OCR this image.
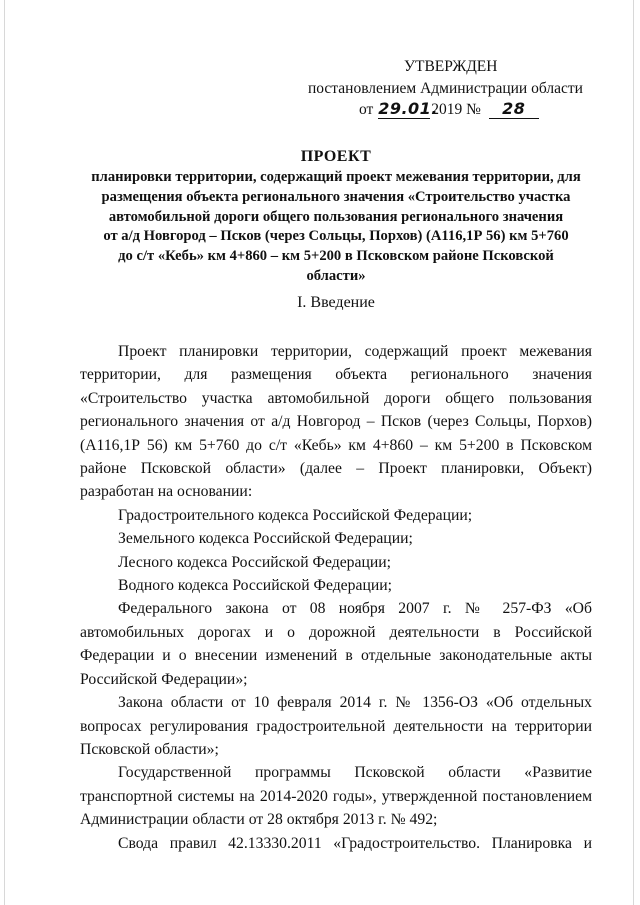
УТВЕРЖДЕН
постановлением Администрации области
от 29.01.2019 № 28
ПРОЕКТ
планировки территории, содержащий проект межевания территории, для
размещения объекта регионального значения «Строительство участка
автомобильной дороги общего пользования регионального значения
от а/д Новгород – Псков (через Сольцы, Порхов) (А116,1Р 56) км 5+760
до с/т «Кебь» км 4+860 – км 5+200 в Псковском районе Псковской
области»
I. Введение

Проект планировки территории, содержащий проект межевания территории, для размещения объекта регионального значения «Строительство участка автомобильной дороги общего пользования регионального значения от а/д Новгород – Псков (через Сольцы, Порхов) (А116,1Р 56) км 5+760 до с/т «Кебь» км 4+860 – км 5+200 в Псковском районе Псковской области» (далее – Проект планировки, Объект) разработан на основании:

Градостроительного кодекса Российской Федерации;

Земельного кодекса Российской Федерации;

Лесного кодекса Российской Федерации;

Водного кодекса Российской Федерации;

Федерального закона от 08 ноября 2007 г. № 257-ФЗ «Об автомобильных дорогах и о дорожной деятельности в Российской Федерации и о внесении изменений в отдельные законодательные акты Российской Федерации»;

Закона области от 10 февраля 2014 г. № 1356-ОЗ «Об отдельных вопросах регулирования градостроительной деятельности на территории Псковской области»;

Государственной программы Псковской области «Развитие транспортной системы на 2014-2020 годы», утвержденной постановлением Администрации области от 28 октября 2013 г. № 492;

Свода правил 42.13330.2011 «Градостроительство. Планировка и
